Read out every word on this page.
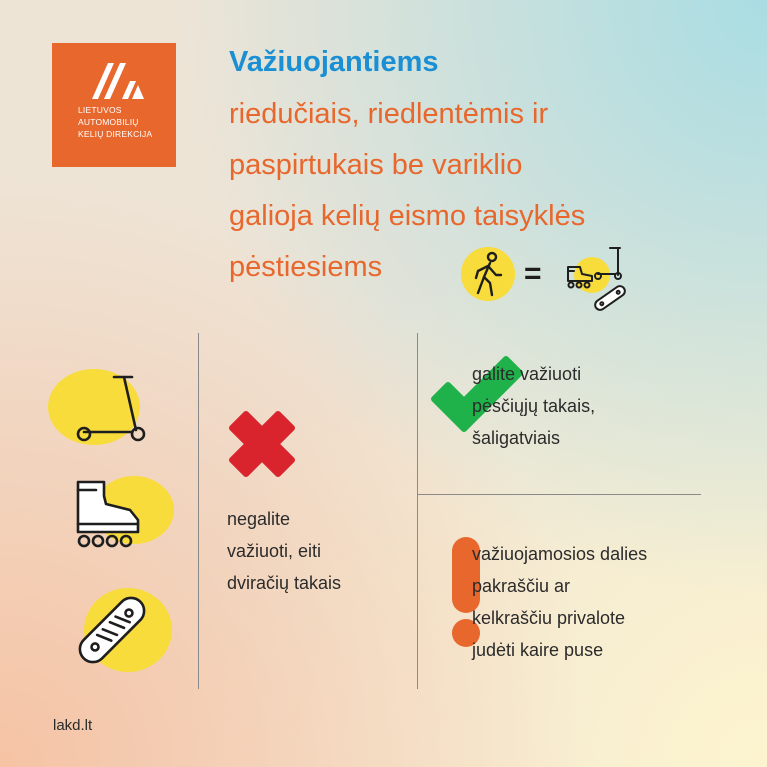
LIETUVOS
AUTOMOBILIŲ
KELIŲ DIREKCIJA
Važiuojantiems
riedučiais, riedlentėmis ir
paspirtukais be variklio
galioja kelių eismo taisyklės
pėstiesiems	=
negalite
važiuoti, eiti
dviračių takais
galite važiuoti
pėsčiųjų takais,
šaligatviais
važiuojamosios dalies
pakraščiu ar
kelkraščiu privalote
judėti kaire puse
lakd.lt
